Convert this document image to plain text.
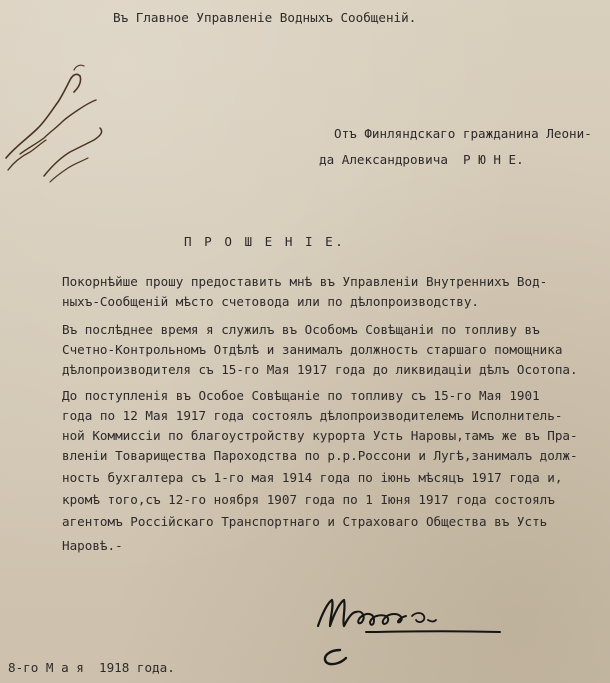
Въ Главное Управленіе Водныхъ Сообщеній.
Отъ Финляндскаго гражданина Леони-
да Александровича  Р Ю Н Е.
П Р О Ш Е Н І Е.
Покорнѣйше прошу предоставить мнѣ въ Управленіи Внутреннихъ Вод-
ныхъ-Сообщеній мѣсто счетовода или по дѣлопроизводству.
Въ послѣднее время я служилъ въ Особомъ Совѣщаніи по топливу въ
Счетно-Контрольномъ Отдѣлѣ и занималъ должность старшаго помощника
дѣлопроизводителя съ 15-го Мая 1917 года до ликвидаціи дѣлъ Осотопа.
До поступленія въ Особое Совѣщаніе по топливу съ 15-го Мая 1901
года по 12 Мая 1917 года состоялъ дѣлопроизводителемъ Исполнитель-
ной Коммиссіи по благоустройству курорта Усть Наровы,тамъ же въ Пра-
вленіи Товарищества Пароходства по р.р.Россони и Лугѣ,занималъ долж-
ность бухгалтера съ 1-го мая 1914 года по іюнь мѣсяцъ 1917 года и,
кромѣ того,съ 12-го ноября 1907 года по 1 Іюня 1917 года состоялъ
агентомъ Россійскаго Транспортнаго и Страховаго Общества въ Усть
Наровѣ.-
8-го М а я  1918 года.
